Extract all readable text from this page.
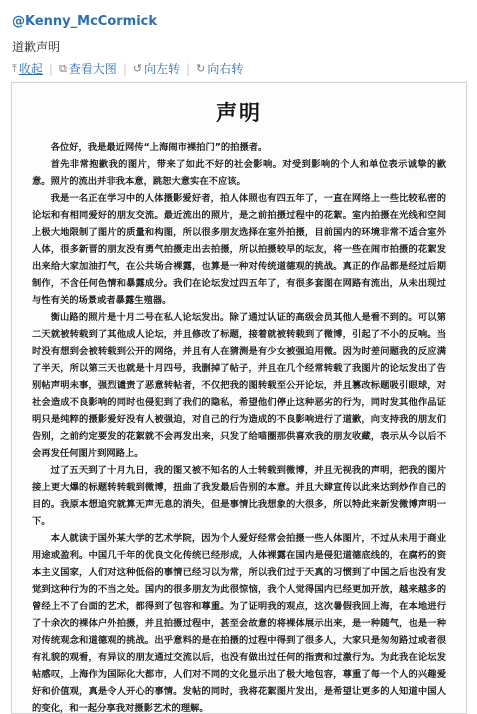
@Kenny_McCormick
道歉声明
⤒ 收起 | ⧉ 查看大图 | ↺ 向左转 | ↻ 向右转
声明

各位好，我是最近网传“上海闹市裸拍门”的拍摄者。

首先非常抱歉我的图片，带来了如此不好的社会影响。对受到影响的个人和单位表示诚挚的歉意。照片的流出并非我本意，跳恕大意实在不应该。

我是一名正在学习中的人体摄影爱好者，拍人体照也有四五年了，一直在网络上一些比较私密的论坛和有相同爱好的朋友交流。最近流出的照片，是之前拍摄过程中的花絮。室内拍摄在光线和空间上极大地限制了图片的质量和构图，所以很多朋友选择在室外拍摄，目前国内的环境非常不适合室外人体，很多新晋的朋友没有勇气拍摄走出去拍摄，所以拍摄较早的坛友，将一些在闹市拍摄的花絮发出来给大家加油打气，在公共场合裸露，也算是一种对传统道德观的挑战。真正的作品都是经过后期制作，不含任何色情和暴露成分。我们在论坛发过四五年了，有很多套图在网路有流出，从未出现过与性有关的场景或者暴露生殖器。

衡山路的照片是十月二号在私人论坛发出。除了通过认证的高级会员其他人是看不到的。可以第二天就被转载到了其他成人论坛，并且修改了标题，接着就被转载到了微博，引起了不小的反响。当时没有想到会被转载到公开的网络，并且有人在猜测是有少女被强迫用微。因为时差问题我的反应满了半天，所以第三天也就是十月四号，我删掉了帖子，并且在几个经常转载了我图片的论坛发出了告别帖声明未事，强烈谴责了恶意转帖者，不仅把我的图转载至公开论坛，并且篡改标题吸引眼球，对社会造成不良影响的同时也侵犯到了我们的隐私，希望他们停止这种恶劣的行为，同时发其他作品证明只是纯粹的摄影爱好没有人被强迫，对自己的行为造成的不良影响进行了道歉，向支持我的朋友们告别，之前约定要发的花絮就不会再发出来，只发了给喵圈那供喜欢我的朋友收藏，表示从今以后不会再发任何图片到网路上。

过了五天到了十月九日，我的图又被不知名的人士转载到微博，并且无视我的声明，把我的图片接上更大爆的标题转转载到微博，扭曲了我发最后告别的本意。并且大肆宣传以此来达到炒作自己的目的。我原本想追究就算无声无息的消失，但是事情比我想象的大很多，所以特此来新发微博声明一下。

本人就读于国外某大学的艺术学院，因为个人爱好经常会拍摄一些人体图片，不过从未用于商业用途或盈利。中国几千年的优良文化传统已经形成，人体裸露在国内是侵犯道德底线的，在腐朽的资本主义国家，人们对这种低俗的事情已经习以为常，所以我们过于天真的习惯到了中国之后也没有发觉到这种行为的不当之处。国内的很多朋友为此很惊恼，我个人觉得国内已经更加开放，越来越多的曾经上不了台面的艺术，都得到了包容和尊重。为了证明我的观点，这次暑假我回上海，在本地进行了十余次的裸体户外拍摄，并且拍摄过程中，甚至会故意的将裸体展示出来，是一种随气，也是一种对传统观念和道德观的挑战。出乎意料的是在拍摄的过程中得到了很多人，大家只是匆匆路过或者很有礼貌的观看，有异议的朋友通过交流以后，也没有做出过任何的指责和过激行为。为此我在论坛发帖感叹，上海作为国际化大都市，人们对不同的文化显示出了极大地包容，尊重了每一个人的兴趣爱好和价值观，真是令人开心的事情。发帖的同时，我将花絮图片发出，是希望让更多的人知道中国人的变化，和一起分享我对摄影艺术的理解。
